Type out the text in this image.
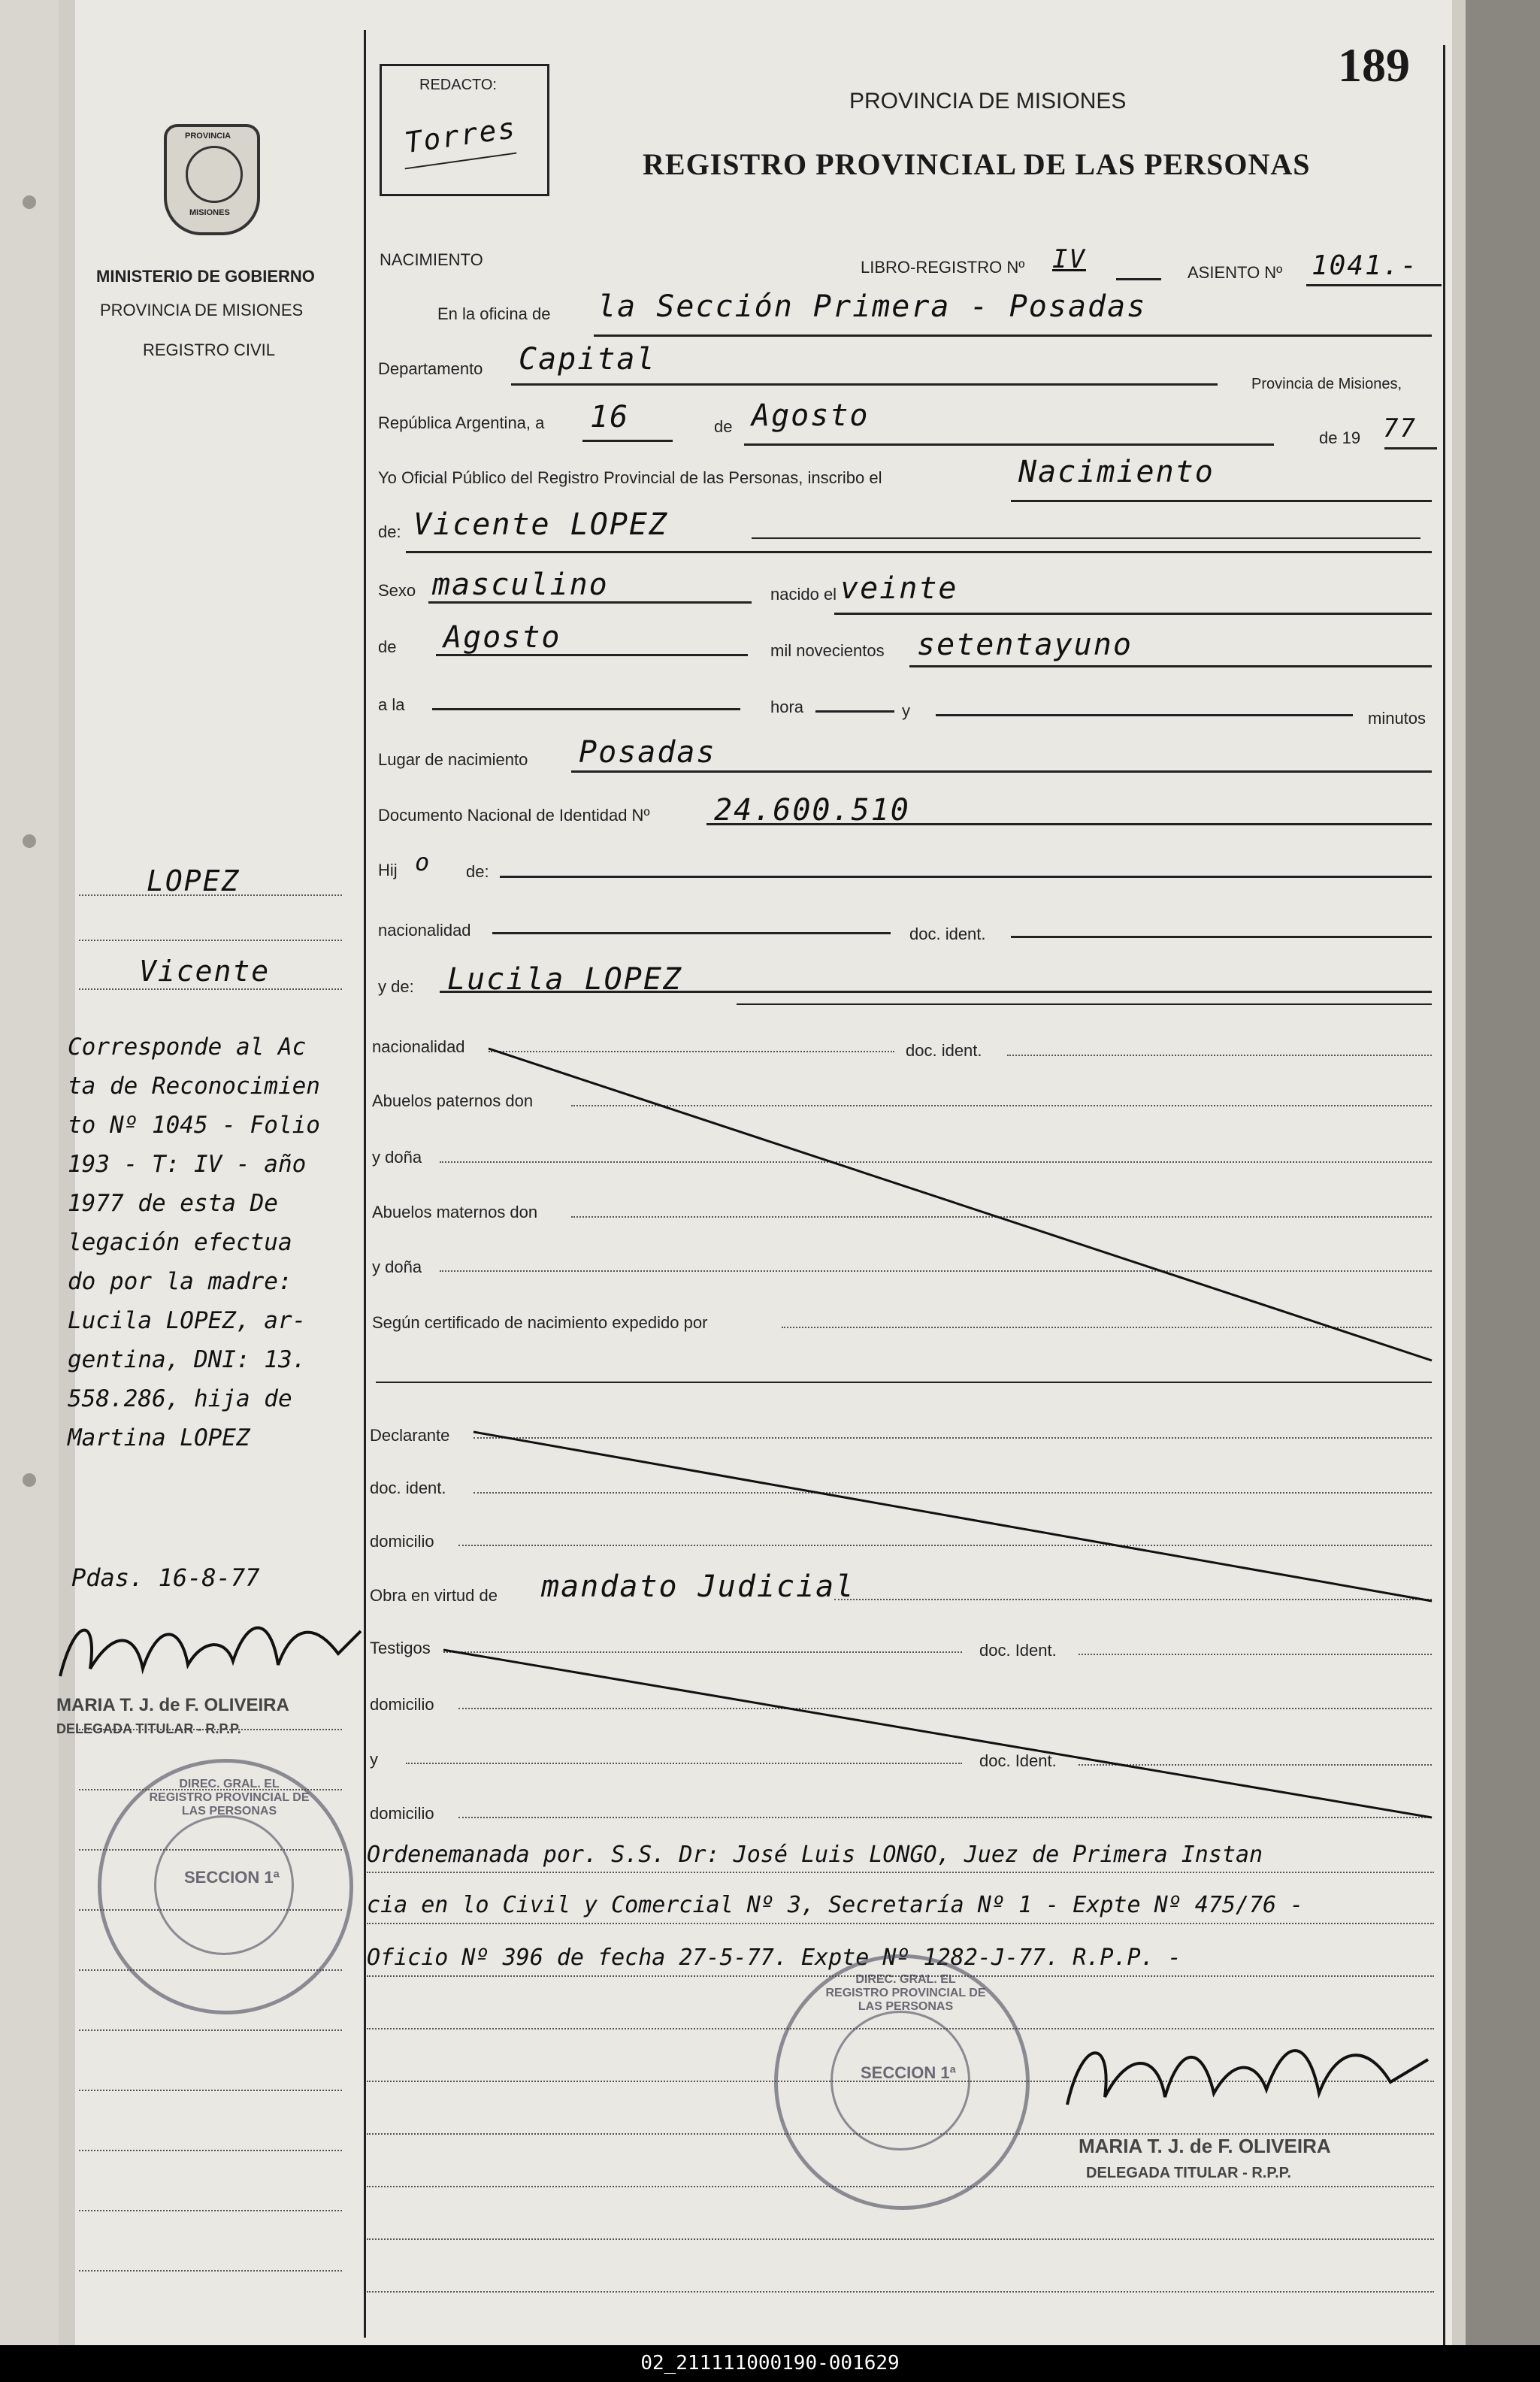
189
REDACTO:
Torres
PROVINCIA DE MISIONES
REGISTRO PROVINCIAL DE LAS PERSONAS
PROVINCIA
MISIONES
MINISTERIO DE GOBIERNO
PROVINCIA DE MISIONES
REGISTRO CIVIL
NACIMIENTO	LIBRO-REGISTRO Nº IV	ASIENTO Nº 1041.-
En la oficina de la Sección Primera - Posadas
Departamento Capital
Provincia de Misiones,
República Argentina, a 16	de Agosto
de 19 77
Yo Oficial Público del Registro Provincial de las Personas, inscribo el	Nacimiento
de: Vicente LOPEZ
Sexo masculino	nacido el veinte
de Agosto	mil novecientos setentayuno
a la	hora	y	minutos
Lugar de nacimiento Posadas
Documento Nacional de Identidad Nº 24.600.510
Hij o de:
nacionalidad	doc. ident.
y de: Lucila LOPEZ
nacionalidad	doc. ident.
Abuelos paternos don
y doña
Abuelos maternos don
y doña
Según certificado de nacimiento expedido por
Declarante
doc. ident.
domicilio
Obra en virtud de mandato Judicial
Testigos	doc. Ident.
domicilio
y	doc. Ident.
domicilio
Ordenemanada por. S.S. Dr: José Luis LONGO, Juez de Primera Instan
cia en lo Civil y Comercial Nº 3, Secretaría Nº 1 - Expte Nº 475/76 -
Oficio Nº 396 de fecha 27-5-77. Expte Nº 1282-J-77. R.P.P. -
LOPEZ
Vicente
Corresponde al Ac
ta de Reconocimien
to Nº 1045 - Folio
193 - T: IV - año
1977 de esta De
legación efectua
do por la madre:
Lucila LOPEZ, ar-
gentina, DNI: 13.
558.286, hija de
Martina LOPEZ
Pdas. 16-8-77
MARIA T. J. de F. OLIVEIRA
DELEGADA TITULAR - R.P.P.
DIREC. GRAL. EL REGISTRO PROVINCIAL DE LAS PERSONAS
SECCION 1ª
DIREC. GRAL. EL REGISTRO PROVINCIAL DE LAS PERSONAS
SECCION 1ª
MARIA T. J. de F. OLIVEIRA
DELEGADA TITULAR - R.P.P.
02_211111000190-001629
